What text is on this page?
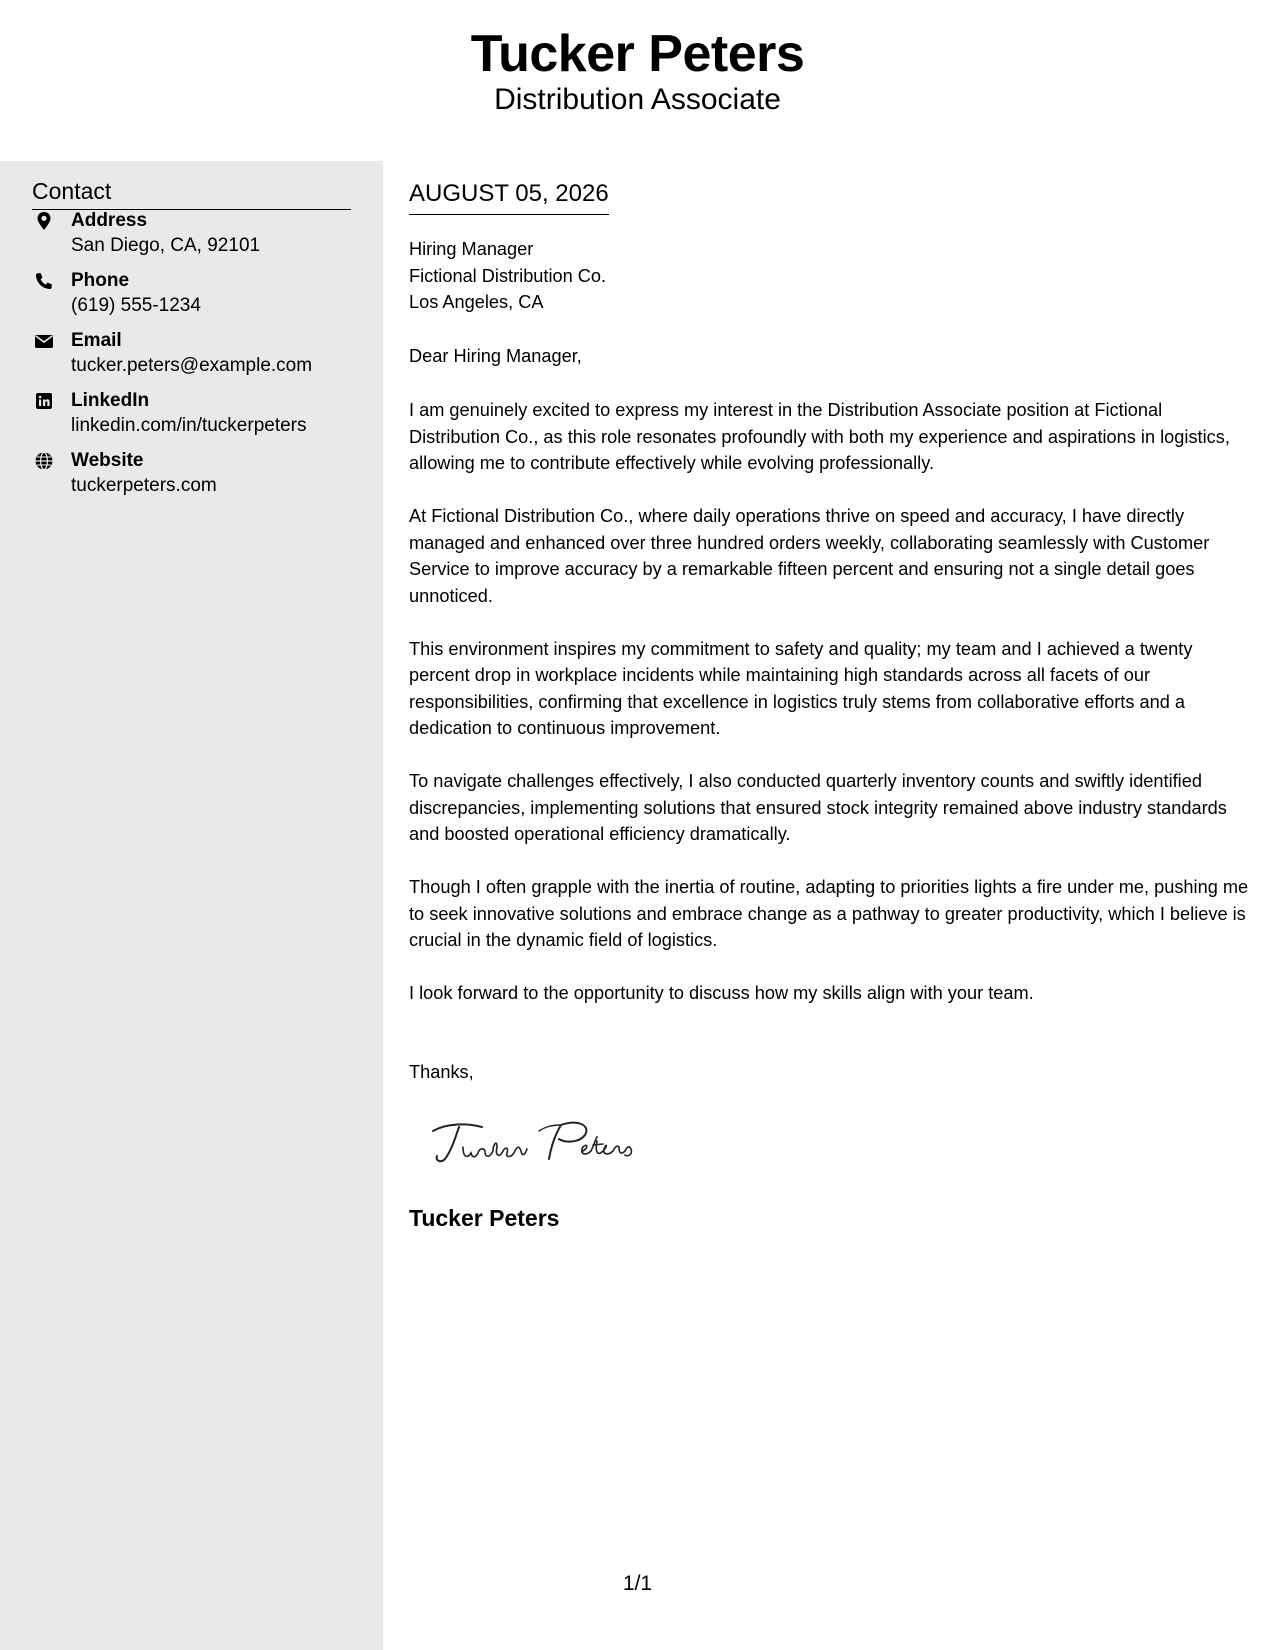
Tucker Peters
Distribution Associate
Contact
Address
San Diego, CA, 92101
Phone
(619) 555-1234
Email
tucker.peters@example.com
LinkedIn
linkedin.com/in/tuckerpeters
Website
tuckerpeters.com
AUGUST 05, 2026
Hiring Manager
Fictional Distribution Co.
Los Angeles, CA
Dear Hiring Manager,

I am genuinely excited to express my interest in the Distribution Associate position at Fictional Distribution Co., as this role resonates profoundly with both my experience and aspirations in logistics, allowing me to contribute effectively while evolving professionally.

At Fictional Distribution Co., where daily operations thrive on speed and accuracy, I have directly managed and enhanced over three hundred orders weekly, collaborating seamlessly with Customer Service to improve accuracy by a remarkable fifteen percent and ensuring not a single detail goes unnoticed.

This environment inspires my commitment to safety and quality; my team and I achieved a twenty percent drop in workplace incidents while maintaining high standards across all facets of our responsibilities, confirming that excellence in logistics truly stems from collaborative efforts and a dedication to continuous improvement.

To navigate challenges effectively, I also conducted quarterly inventory counts and swiftly identified discrepancies, implementing solutions that ensured stock integrity remained above industry standards and boosted operational efficiency dramatically.

Though I often grapple with the inertia of routine, adapting to priorities lights a fire under me, pushing me to seek innovative solutions and embrace change as a pathway to greater productivity, which I believe is crucial in the dynamic field of logistics.

I look forward to the opportunity to discuss how my skills align with your team.

Thanks,
Tucker Peters
1/1
